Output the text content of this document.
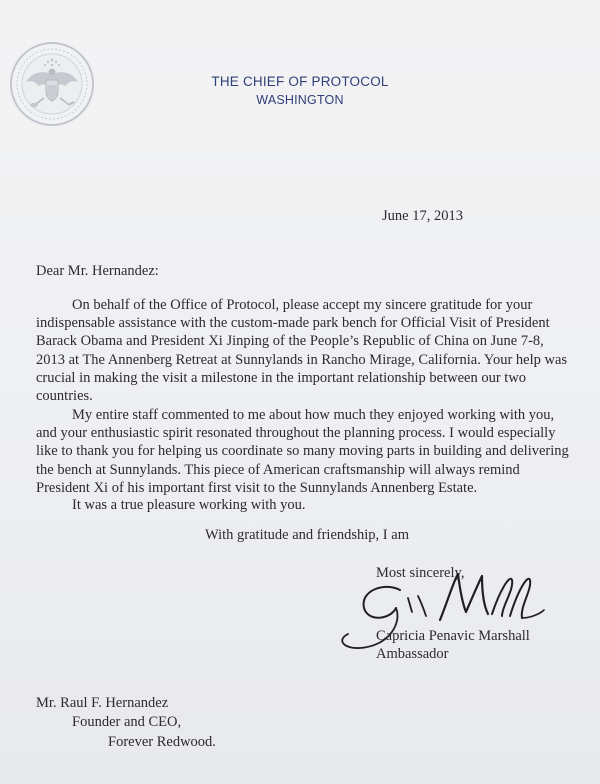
THE CHIEF OF PROTOCOL
WASHINGTON
June 17, 2013
Dear Mr. Hernandez:
On behalf of the Office of Protocol, please accept my sincere gratitude for your indispensable assistance with the custom-made park bench for Official Visit of President Barack Obama and President Xi Jinping of the People’s Republic of China on June 7-8, 2013 at The Annenberg Retreat at Sunnylands in Rancho Mirage, California. Your help was crucial in making the visit a milestone in the important relationship between our two countries.
My entire staff commented to me about how much they enjoyed working with you, and your enthusiastic spirit resonated throughout the planning process. I would especially like to thank you for helping us coordinate so many moving parts in building and delivering the bench at Sunnylands. This piece of American craftsmanship will always remind President Xi of his important first visit to the Sunnylands Annenberg Estate.
It was a true pleasure working with you.
With gratitude and friendship, I am
Most sincerely,
Capricia Penavic Marshall
Ambassador
Mr. Raul F. Hernandez
Founder and CEO,
Forever Redwood.
